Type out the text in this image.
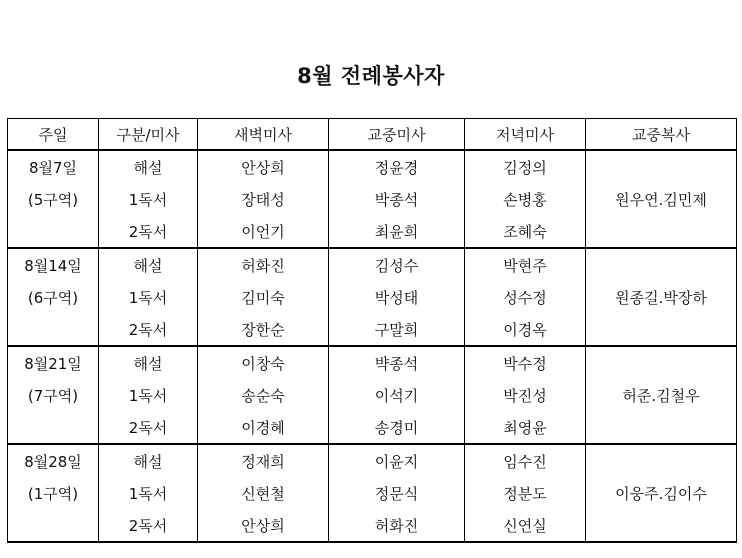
8월 전례봉사자
주일	구분/미사	새벽미사	교중미사	저녁미사	교중복사
8월7일	해설	안상희	정윤경	김정의	원우연.김민제
(5구역)	1독서	장태성	박종석	손병홍	
	2독서	이언기	최윤희	조혜숙	
8월14일	해설	허화진	김성수	박현주	원종길.박장하
(6구역)	1독서	김미숙	박성태	성수정	
	2독서	장한순	구말희	이경옥	
8월21일	해설	이창숙	뱍종석	박수정	허준.김철우
(7구역)	1독서	송순숙	이석기	박진성	
	2독서	이경혜	송경미	최영윤	
8월28일	해설	정재희	이윤지	임수진	이웅주.김이수
(1구역)	1독서	신현철	정문식	정분도	
	2독서	안상희	허화진	신연실	
